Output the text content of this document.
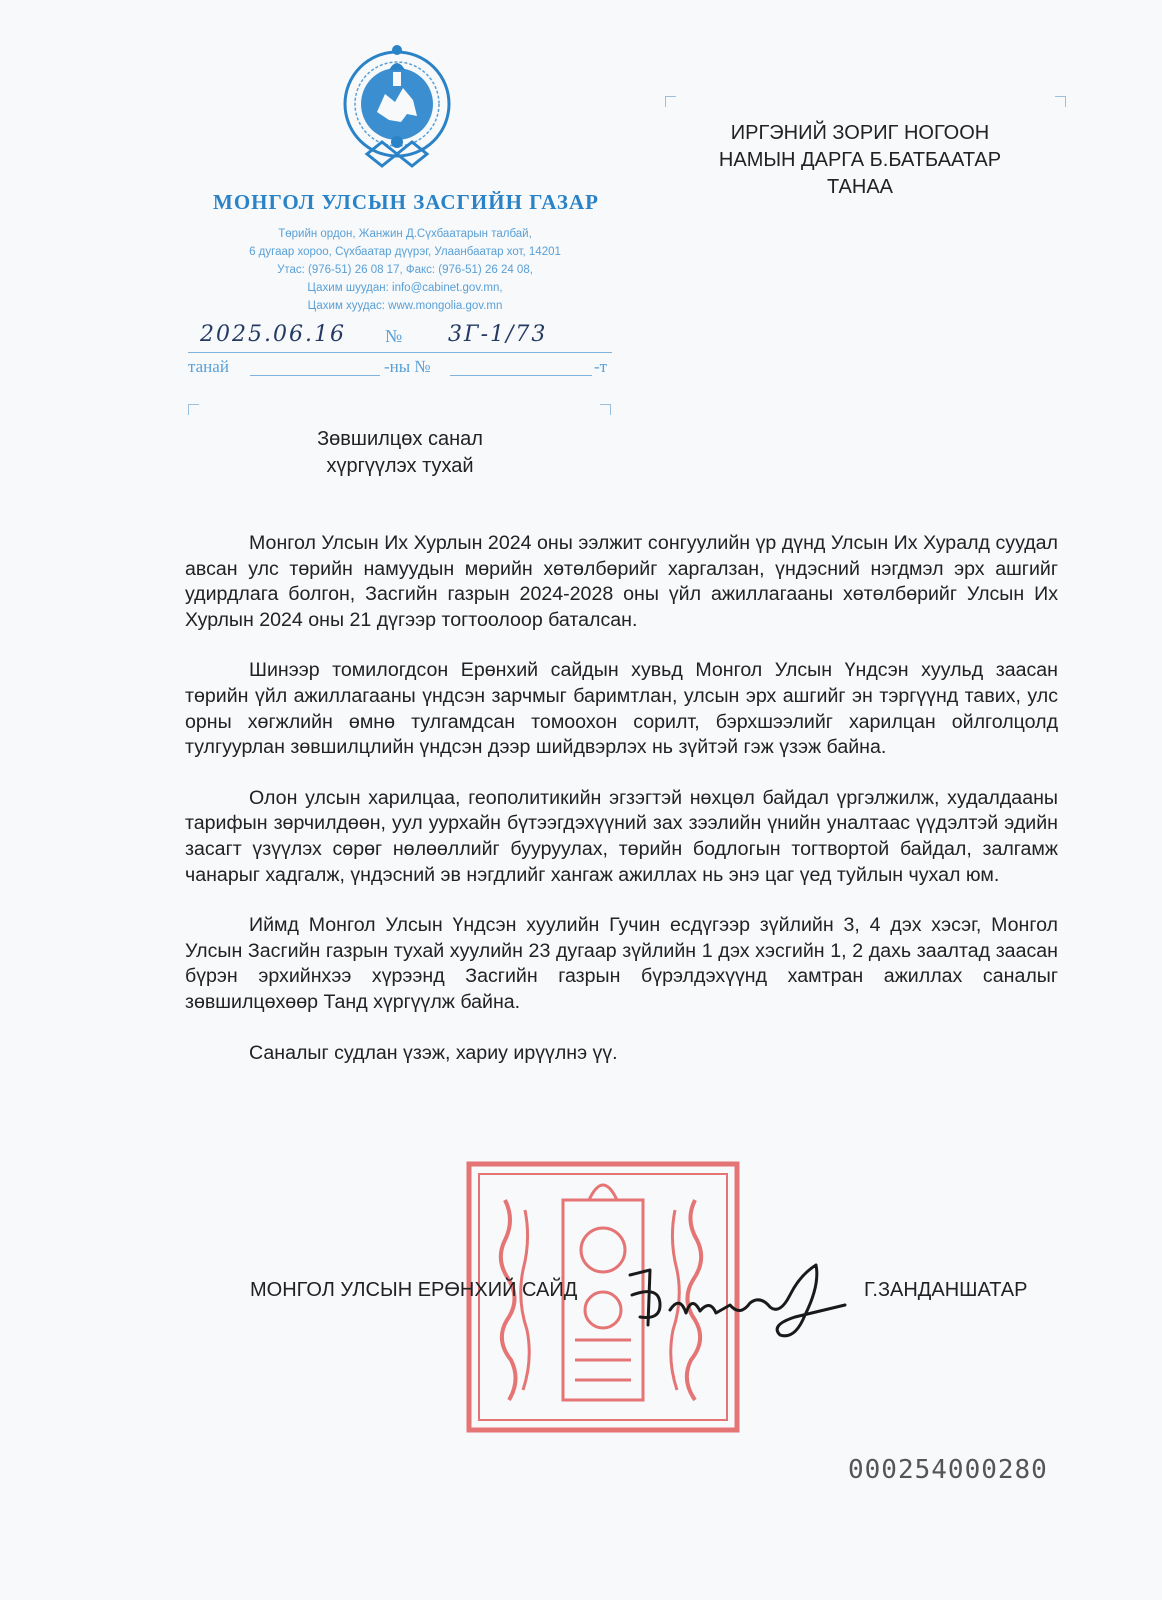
МОНГОЛ УЛСЫН ЗАСГИЙН ГАЗАР
Төрийн ордон, Жанжин Д.Сүхбаатарын талбай,
6 дугаар хороо, Сүхбаатар дүүрэг, Улаанбаатар хот, 14201
Утас: (976-51) 26 08 17, Факс: (976-51) 26 24 08,
Цахим шуудан: info@cabinet.gov.mn,
Цахим хуудас: www.mongolia.gov.mn
2025.06.16 № 3Г-1/73
танай	-ны №	-т
ИРГЭНИЙ ЗОРИГ НОГООН
НАМЫН ДАРГА Б.БАТБААТАР
ТАНАА
Зөвшилцөх санал
хүргүүлэх тухай

Монгол Улсын Их Хурлын 2024 оны ээлжит сонгуулийн үр дүнд Улсын Их Хуралд суудал авсан улс төрийн намуудын мөрийн хөтөлбөрийг харгалзан, үндэсний нэгдмэл эрх ашгийг удирдлага болгон, Засгийн газрын 2024-2028 оны үйл ажиллагааны хөтөлбөрийг Улсын Их Хурлын 2024 оны 21 дүгээр тогтоолоор баталсан.

Шинээр томилогдсон Ерөнхий сайдын хувьд Монгол Улсын Үндсэн хуульд заасан төрийн үйл ажиллагааны үндсэн зарчмыг баримтлан, улсын эрх ашгийг эн тэргүүнд тавих, улс орны хөгжлийн өмнө тулгамдсан томоохон сорилт, бэрхшээлийг харилцан ойлголцолд тулгуурлан зөвшилцлийн үндсэн дээр шийдвэрлэх нь зүйтэй гэж үзэж байна.

Олон улсын харилцаа, геополитикийн эгзэгтэй нөхцөл байдал үргэлжилж, худалдааны тарифын зөрчилдөөн, уул уурхайн бүтээгдэхүүний зах зээлийн үнийн уналтаас үүдэлтэй эдийн засагт үзүүлэх сөрөг нөлөөллийг бууруулах, төрийн бодлогын тогтвортой байдал, залгамж чанарыг хадгалж, үндэсний эв нэгдлийг хангаж ажиллах нь энэ цаг үед туйлын чухал юм.

Иймд Монгол Улсын Үндсэн хуулийн Гучин есдүгээр зүйлийн 3, 4 дэх хэсэг, Монгол Улсын Засгийн газрын тухай хуулийн 23 дугаар зүйлийн 1 дэх хэсгийн 1, 2 дахь заалтад заасан бүрэн эрхийнхээ хүрээнд Засгийн газрын бүрэлдэхүүнд хамтран ажиллах саналыг зөвшилцөхөөр Танд хүргүүлж байна.

Саналыг судлан үзэж, хариу ирүүлнэ үү.

МОНГОЛ УЛСЫН ЕРӨНХИЙ САЙД	Г.ЗАНДАНШАТАР
000254000280
